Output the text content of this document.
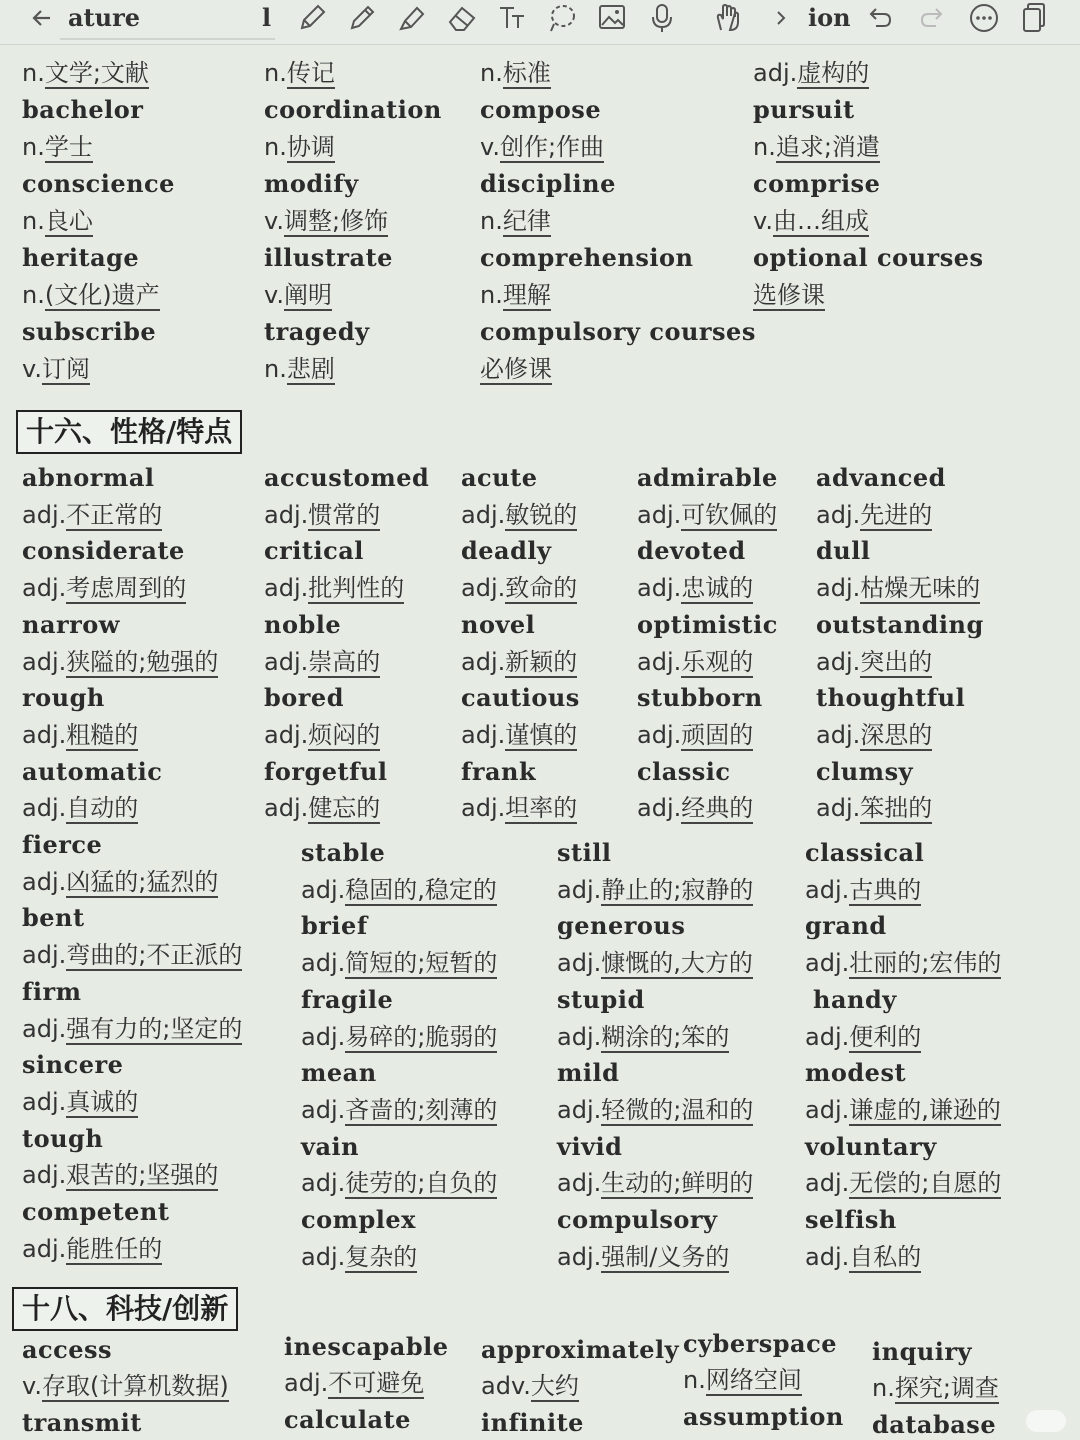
ature	l	ion
n.文学;文献
bachelor
n.学士
conscience
n.良心
heritage
n.(文化)遗产
subscribe
v.订阅
n.传记
coordination
n.协调
modify
v.调整;修饰
illustrate
v.阐明
tragedy
n.悲剧
n.标准
compose
v.创作;作曲
discipline
n.纪律
comprehension
n.理解
compulsory courses
必修课
adj.虚构的
pursuit
n.追求;消遣
comprise
v.由…组成
optional courses
选修课
十六、性格/特点
abnormal
adj.不正常的
considerate
adj.考虑周到的
narrow
adj.狭隘的;勉强的
rough
adj.粗糙的
automatic
adj.自动的
fierce
adj.凶猛的;猛烈的
bent
adj.弯曲的;不正派的
firm
adj.强有力的;坚定的
sincere
adj.真诚的
tough
adj.艰苦的;坚强的
competent
adj.能胜任的
accustomed
adj.惯常的
critical
adj.批判性的
noble
adj.崇高的
bored
adj.烦闷的
forgetful
adj.健忘的
acute
adj.敏锐的
deadly
adj.致命的
novel
adj.新颖的
cautious
adj.谨慎的
frank
adj.坦率的
admirable
adj.可钦佩的
devoted
adj.忠诚的
optimistic
adj.乐观的
stubborn
adj.顽固的
classic
adj.经典的
advanced
adj.先进的
dull
adj.枯燥无味的
outstanding
adj.突出的
thoughtful
adj.深思的
clumsy
adj.笨拙的
stable
adj.稳固的,稳定的
brief
adj.简短的;短暂的
fragile
adj.易碎的;脆弱的
mean
adj.吝啬的;刻薄的
vain
adj.徒劳的;自负的
complex
adj.复杂的
still
adj.静止的;寂静的
generous
adj.慷慨的,大方的
stupid
adj.糊涂的;笨的
mild
adj.轻微的;温和的
vivid
adj.生动的;鲜明的
compulsory
adj.强制/义务的
classical
adj.古典的
grand
adj.壮丽的;宏伟的
handy
adj.便利的
modest
adj.谦虚的,谦逊的
voluntary
adj.无偿的;自愿的
selfish
adj.自私的
十八、科技/创新
access
v.存取(计算机数据)
transmit
inescapable
adj.不可避免
calculate
approximately
adv.大约
infinite
cyberspace
n.网络空间
assumption
inquiry
n.探究;调查
database
